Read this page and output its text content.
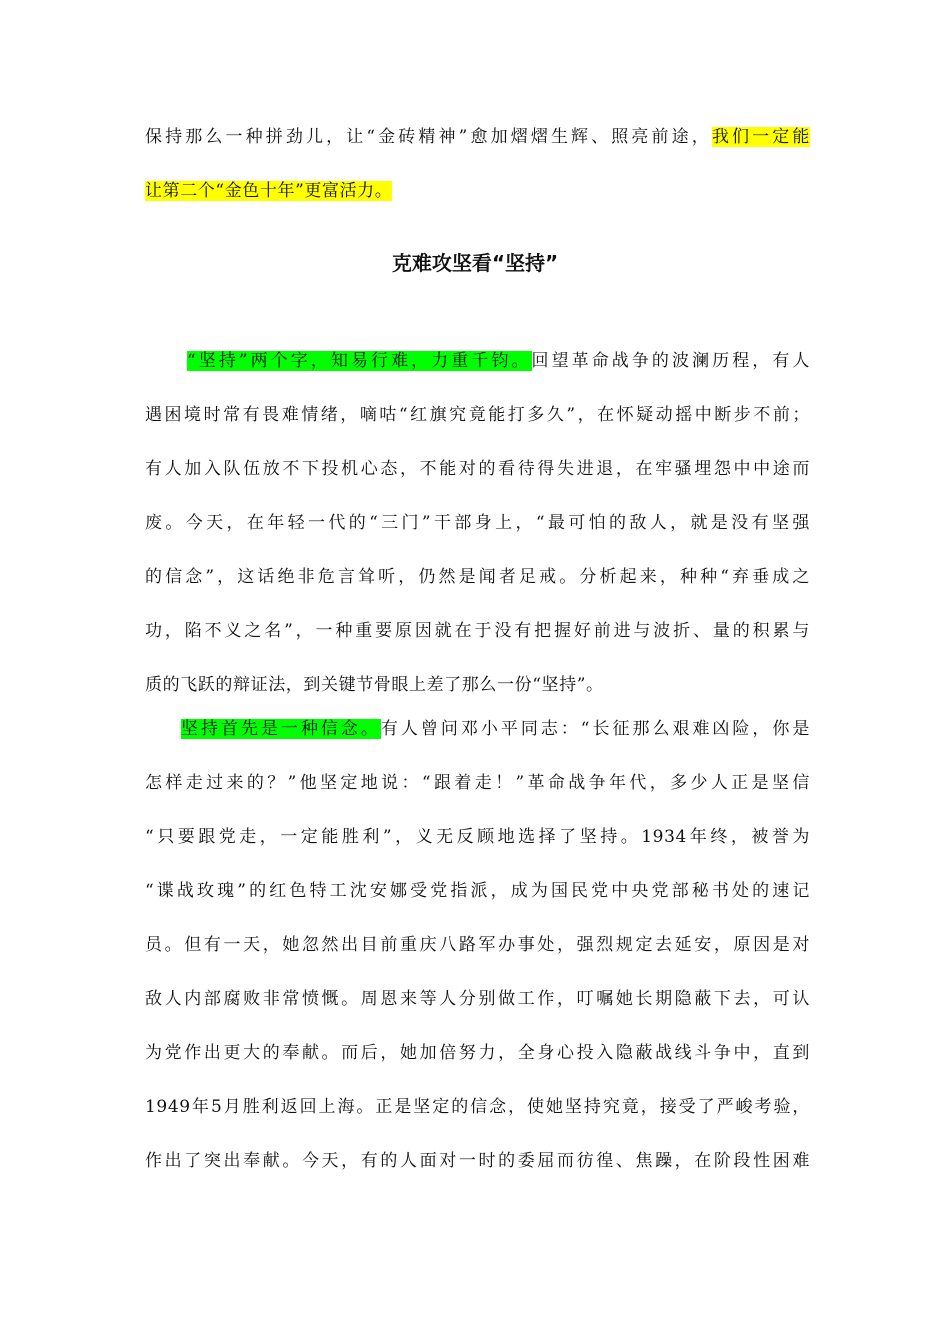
保持那么一种拼劲儿，让“金砖精神”愈加熠熠生辉、照亮前途，我们一定能
让第二个“金色十年”更富活力。
克难攻坚看“坚持”
“坚持”两个字，知易行难，力重千钧。回望革命战争的波澜历程，有人
遇困境时常有畏难情绪，嘀咕“红旗究竟能打多久”，在怀疑动摇中断步不前；
有人加入队伍放不下投机心态，不能对的看待得失进退，在牢骚埋怨中中途而
废。今天，在年轻一代的“三门”干部身上，“最可怕的敌人，就是没有坚强
的信念”，这话绝非危言耸听，仍然是闻者足戒。分析起来，种种“弃垂成之
功，陷不义之名”，一种重要原因就在于没有把握好前进与波折、量的积累与
质的飞跃的辩证法，到关键节骨眼上差了那么一份“坚持”。
坚持首先是一种信念。有人曾问邓小平同志：“长征那么艰难凶险，你是
怎样走过来的？”他坚定地说：“跟着走！”革命战争年代，多少人正是坚信
“只要跟党走，一定能胜利”，义无反顾地选择了坚持。1934年终，被誉为
“谍战玫瑰”的红色特工沈安娜受党指派，成为国民党中央党部秘书处的速记
员。但有一天，她忽然出目前重庆八路军办事处，强烈规定去延安，原因是对
敌人内部腐败非常愤慨。周恩来等人分别做工作，叮嘱她长期隐蔽下去，可认
为党作出更大的奉献。而后，她加倍努力，全身心投入隐蔽战线斗争中，直到
1949年5月胜利返回上海。正是坚定的信念，使她坚持究竟，接受了严峻考验，
作出了突出奉献。今天，有的人面对一时的委屈而彷徨、焦躁，在阶段性困难
